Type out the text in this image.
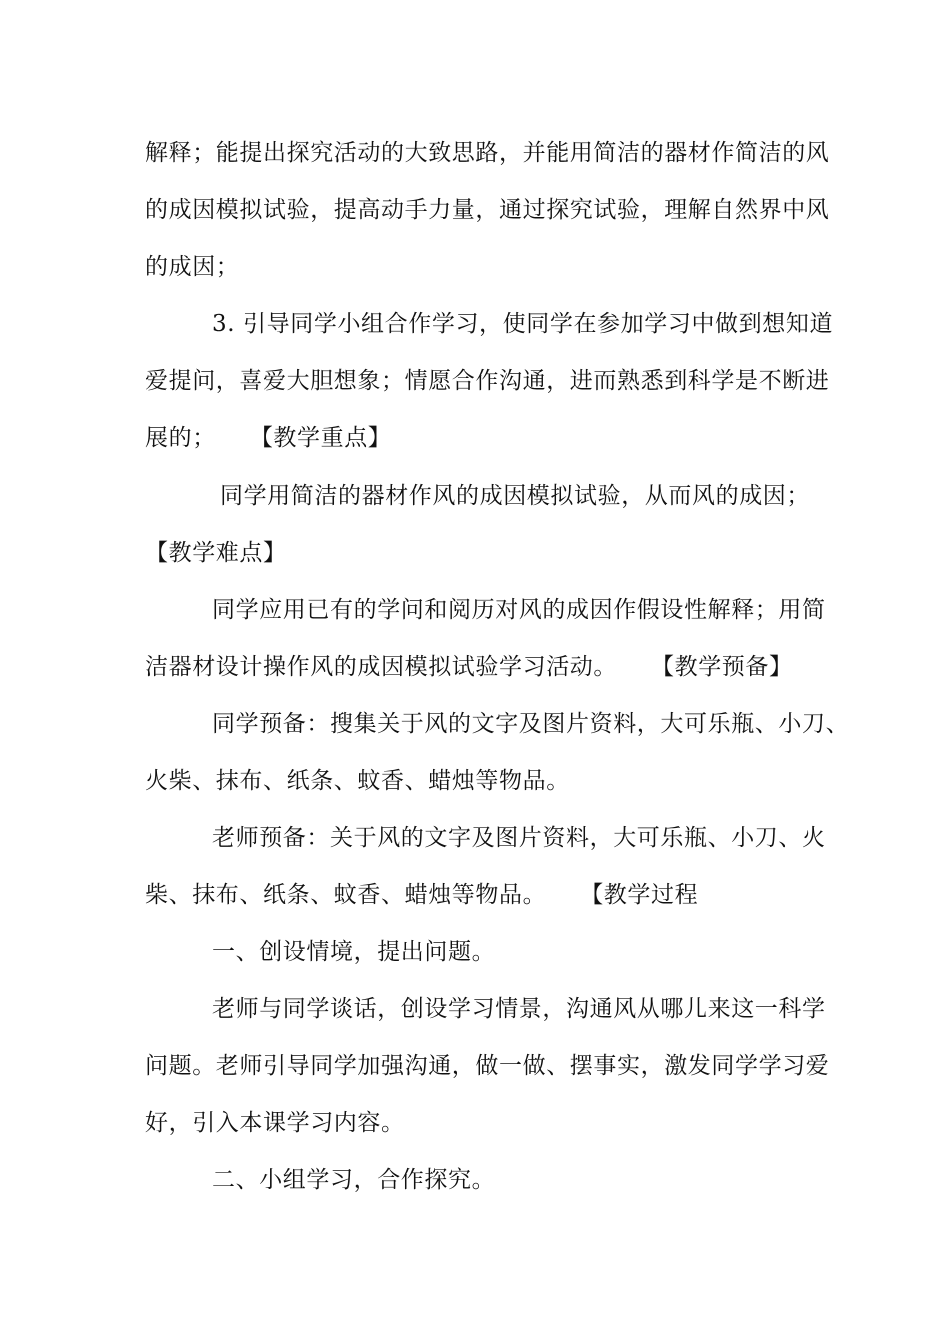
解释；能提出探究活动的大致思路，并能用简洁的器材作简洁的风
的成因模拟试验，提高动手力量，通过探究试验，理解自然界中风
的成因；
3. 引导同学小组合作学习，使同学在参加学习中做到想知道
爱提问，喜爱大胆想象；情愿合作沟通，进而熟悉到科学是不断进
展的； 【教学重点】
同学用简洁的器材作风的成因模拟试验，从而风的成因；
【教学难点】
同学应用已有的学问和阅历对风的成因作假设性解释；用简
洁器材设计操作风的成因模拟试验学习活动。 【教学预备】
同学预备：搜集关于风的文字及图片资料，大可乐瓶、小刀、
火柴、抹布、纸条、蚊香、蜡烛等物品。
老师预备：关于风的文字及图片资料，大可乐瓶、小刀、火
柴、抹布、纸条、蚊香、蜡烛等物品。 【教学过程
一、创设情境，提出问题。
老师与同学谈话，创设学习情景，沟通风从哪儿来这一科学
问题。老师引导同学加强沟通，做一做、摆事实，激发同学学习爱
好，引入本课学习内容。
二、小组学习，合作探究。
